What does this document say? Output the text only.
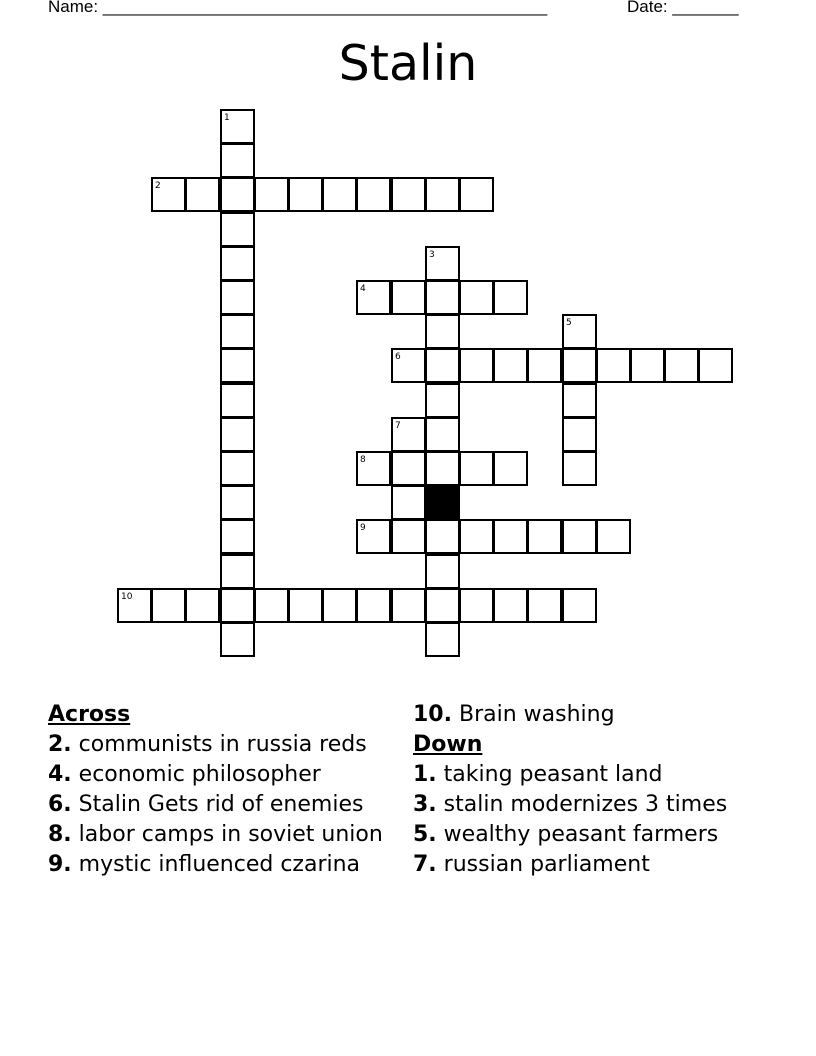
Name: _______________________________________________	Date: _______
Stalin
1
2
3
4
5
6
7
8
9
10
Across
2. communists in russia reds
4. economic philosopher
6. Stalin Gets rid of enemies
8. labor camps in soviet union
9. mystic influenced czarina
10. Brain washing
Down
1. taking peasant land
3. stalin modernizes 3 times
5. wealthy peasant farmers
7. russian parliament
